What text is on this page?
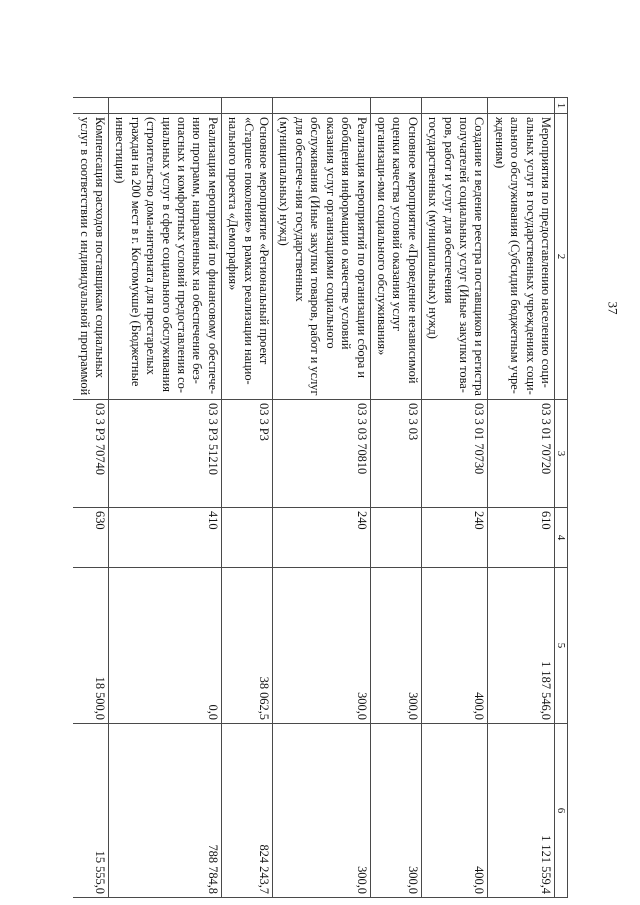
37
1	2	3	4	5	6
	Мероприятия по предоставлению населению соци-альных услуг в государственных учреждениях соци-ального обслуживания (Субсидии бюджетным учре-ждениям)	03 3 01 70720	610	1 187 546,0	1 121 559,4
	Создание и ведение реестра поставщиков и регистра получателей социальных услуг (Иные закупки това-ров, работ и услуг для обеспечения государственных (муниципальных) нужд)	03 3 01 70730	240	400,0	400,0
	Основное мероприятие «Проведение независимой оценки качества условий оказания услуг организаци-ями социального обслуживания»	03 3 03		300,0	300,0
	Реализация мероприятий по организации сбора и обобщения информации о качестве условий оказания услуг организациями социального обслуживания (Иные закупки товаров, работ и услуг для обеспече-ния государственных (муниципальных) нужд)	03 3 03 70810	240	300,0	300,0
	Основное мероприятие «Региональный проект «Старшее поколение» в рамках реализации нацио-нального проекта «Демография»	03 3 P3		38 062,5	824 243,7
	Реализация мероприятий по финансовому обеспече-нию программ, направленных на обеспечение без-опасных и комфортных условий предоставления со-циальных услуг в сфере социального обслуживания (строительство дома-интерната для престарелых граждан на 200 мест в г. Костомукше) (Бюджетные инвестиции)	03 3 P3 51210	410	0,0	788 784,8
	Компенсация расходов поставщикам социальных услуг в соответствии с индивидуальной программой	03 3 P3 70740	630	18 500,0	15 555,0
